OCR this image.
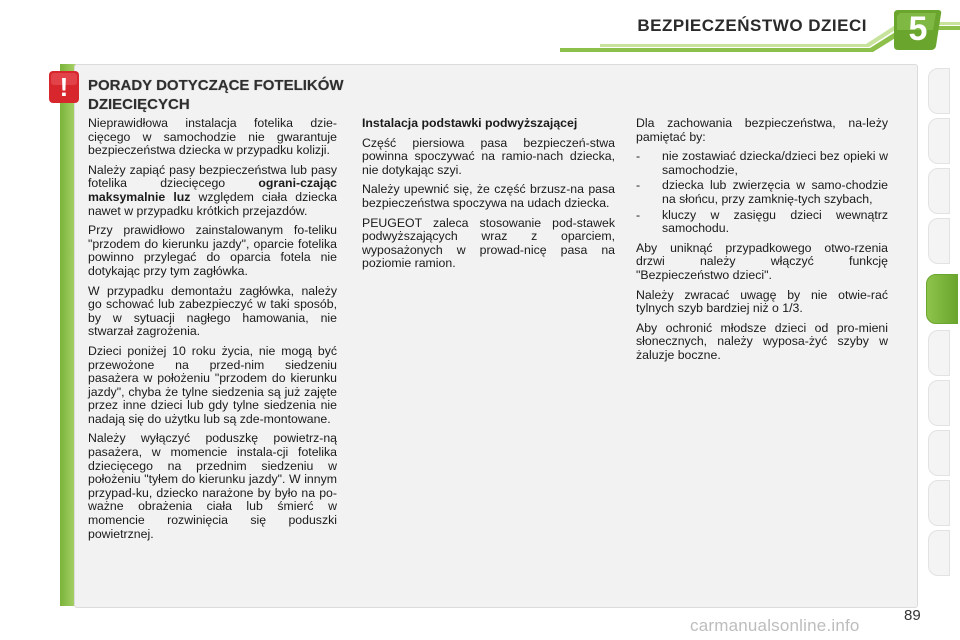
BEZPIECZEŃSTWO DZIECI	5
!	PORADY DOTYCZĄCE FOTELIKÓW DZIECIĘCYCH

Nieprawidłowa instalacja fotelika dzie-cięcego w samochodzie nie gwarantuje bezpieczeństwa dziecka w przypadku kolizji.

Należy zapiąć pasy bezpieczeństwa lub pasy fotelika dziecięcego ograni-czając maksymalnie luz względem ciała dziecka nawet w przypadku krótkich przejazdów.

Przy prawidłowo zainstalowanym fo-teliku "przodem do kierunku jazdy", oparcie fotelika powinno przylegać do oparcia fotela nie dotykając przy tym zagłówka.

W przypadku demontażu zagłówka, należy go schować lub zabezpieczyć w taki sposób, by w sytuacji nagłego hamowania, nie stwarzał zagrożenia.

Dzieci poniżej 10 roku życia, nie mogą być przewożone na przed-nim siedzeniu pasażera w położeniu "przodem do kierunku jazdy", chyba że tylne siedzenia są już zajęte przez inne dzieci lub gdy tylne siedzenia nie nadają się do użytku lub są zde-montowane.

Należy wyłączyć poduszkę powietrz-ną pasażera, w momencie instala-cji fotelika dziecięcego na przednim siedzeniu w położeniu "tyłem do kierunku jazdy". W innym przypad-ku, dziecko narażone by było na po-ważne obrażenia ciała lub śmierć w momencie rozwinięcia się poduszki powietrznej.

Instalacja podstawki podwyższającej

Część piersiowa pasa bezpieczeń-stwa powinna spoczywać na ramio-nach dziecka, nie dotykając szyi.

Należy upewnić się, że część brzusz-na pasa bezpieczeństwa spoczywa na udach dziecka.

PEUGEOT zaleca stosowanie pod-stawek podwyższających wraz z oparciem, wyposażonych w prowad-nicę pasa na poziomie ramion.

Dla zachowania bezpieczeństwa, na-leży pamiętać by:

- nie zostawiać dziecka/dzieci bez opieki w samochodzie,
- dziecka lub zwierzęcia w samo-chodzie na słońcu, przy zamknię-tych szybach,
- kluczy w zasięgu dzieci wewnątrz samochodu.

Aby uniknąć przypadkowego otwo-rzenia drzwi należy włączyć funkcję "Bezpieczeństwo dzieci".

Należy zwracać uwagę by nie otwie-rać tylnych szyb bardziej niż o 1/3.

Aby ochronić młodsze dzieci od pro-mieni słonecznych, należy wyposa-żyć szyby w żaluzje boczne.

89
carmanualsonline.info
